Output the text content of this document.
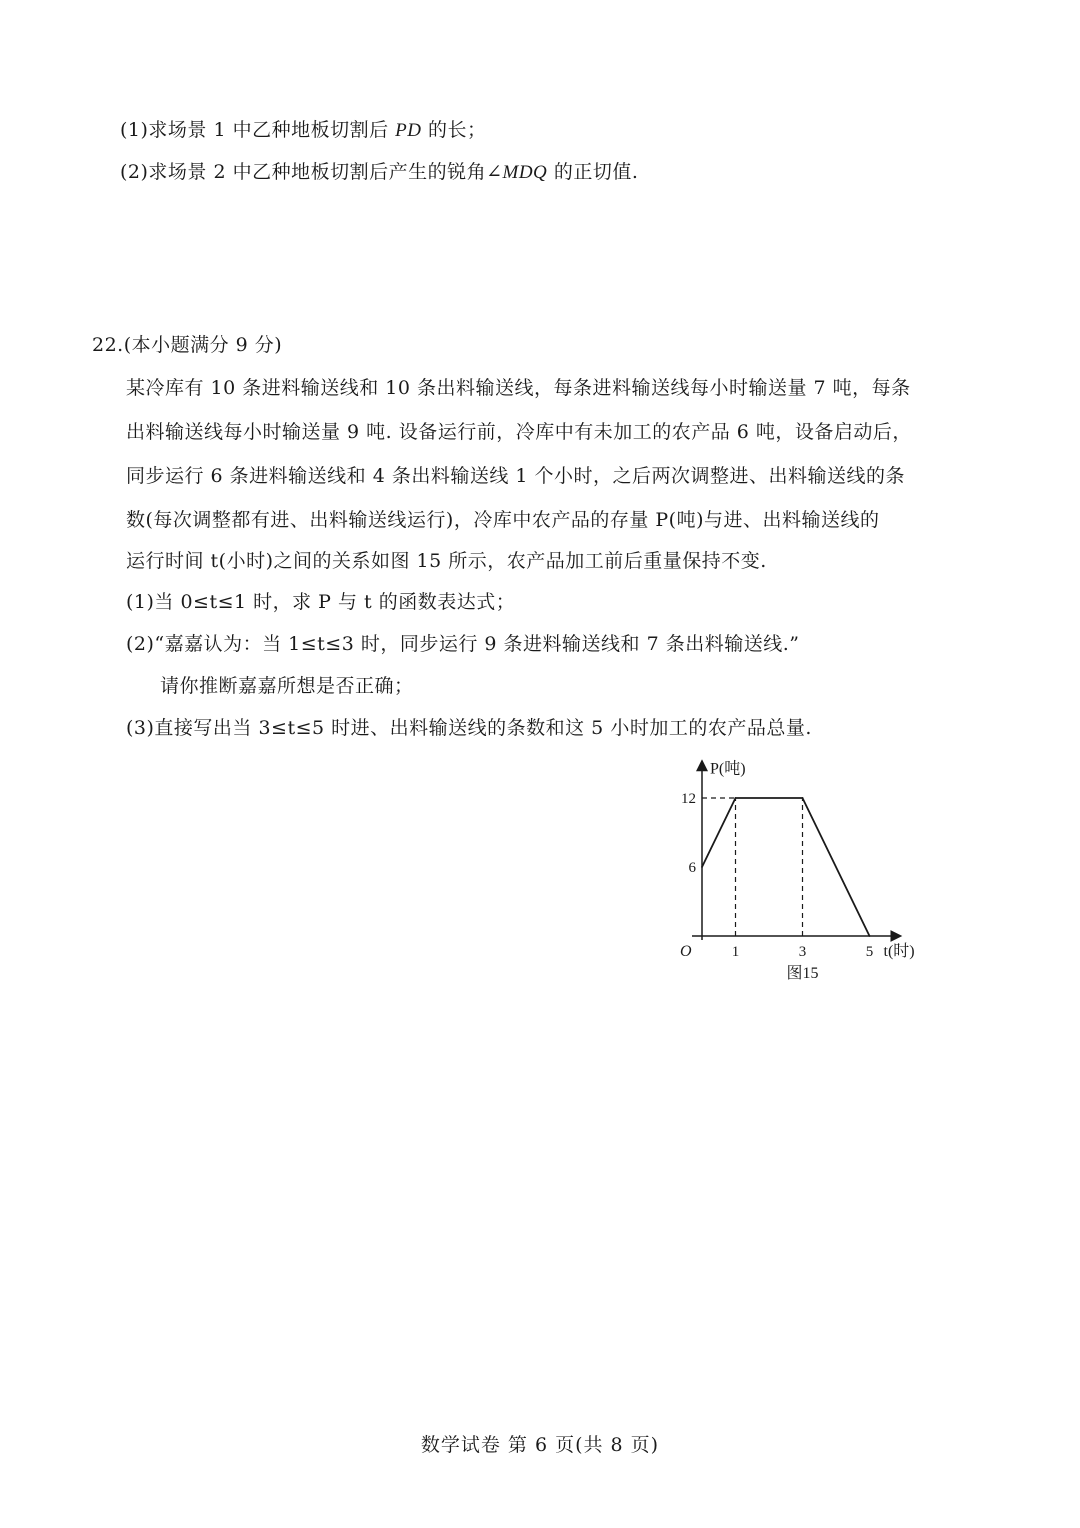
(1)求场景 1 中乙种地板切割后 PD 的长；
(2)求场景 2 中乙种地板切割后产生的锐角∠MDQ 的正切值.
22.(本小题满分 9 分)
某冷库有 10 条进料输送线和 10 条出料输送线，每条进料输送线每小时输送量 7 吨，每条
出料输送线每小时输送量 9 吨. 设备运行前，冷库中有未加工的农产品 6 吨，设备启动后，
同步运行 6 条进料输送线和 4 条出料输送线 1 个小时，之后两次调整进、出料输送线的条
数(每次调整都有进、出料输送线运行)，冷库中农产品的存量 P(吨)与进、出料输送线的
运行时间 t(小时)之间的关系如图 15 所示，农产品加工前后重量保持不变.
(1)当 0≤t≤1 时，求 P 与 t 的函数表达式；
(2)“嘉嘉认为：当 1≤t≤3 时，同步运行 9 条进料输送线和 7 条出料输送线.”
请你推断嘉嘉所想是否正确；
(3)直接写出当 3≤t≤5 时进、出料输送线的条数和这 5 小时加工的农产品总量.
1	3	5
6
12
P(吨)
t(时)
O
图15
数学试卷 第 6 页(共 8 页)
